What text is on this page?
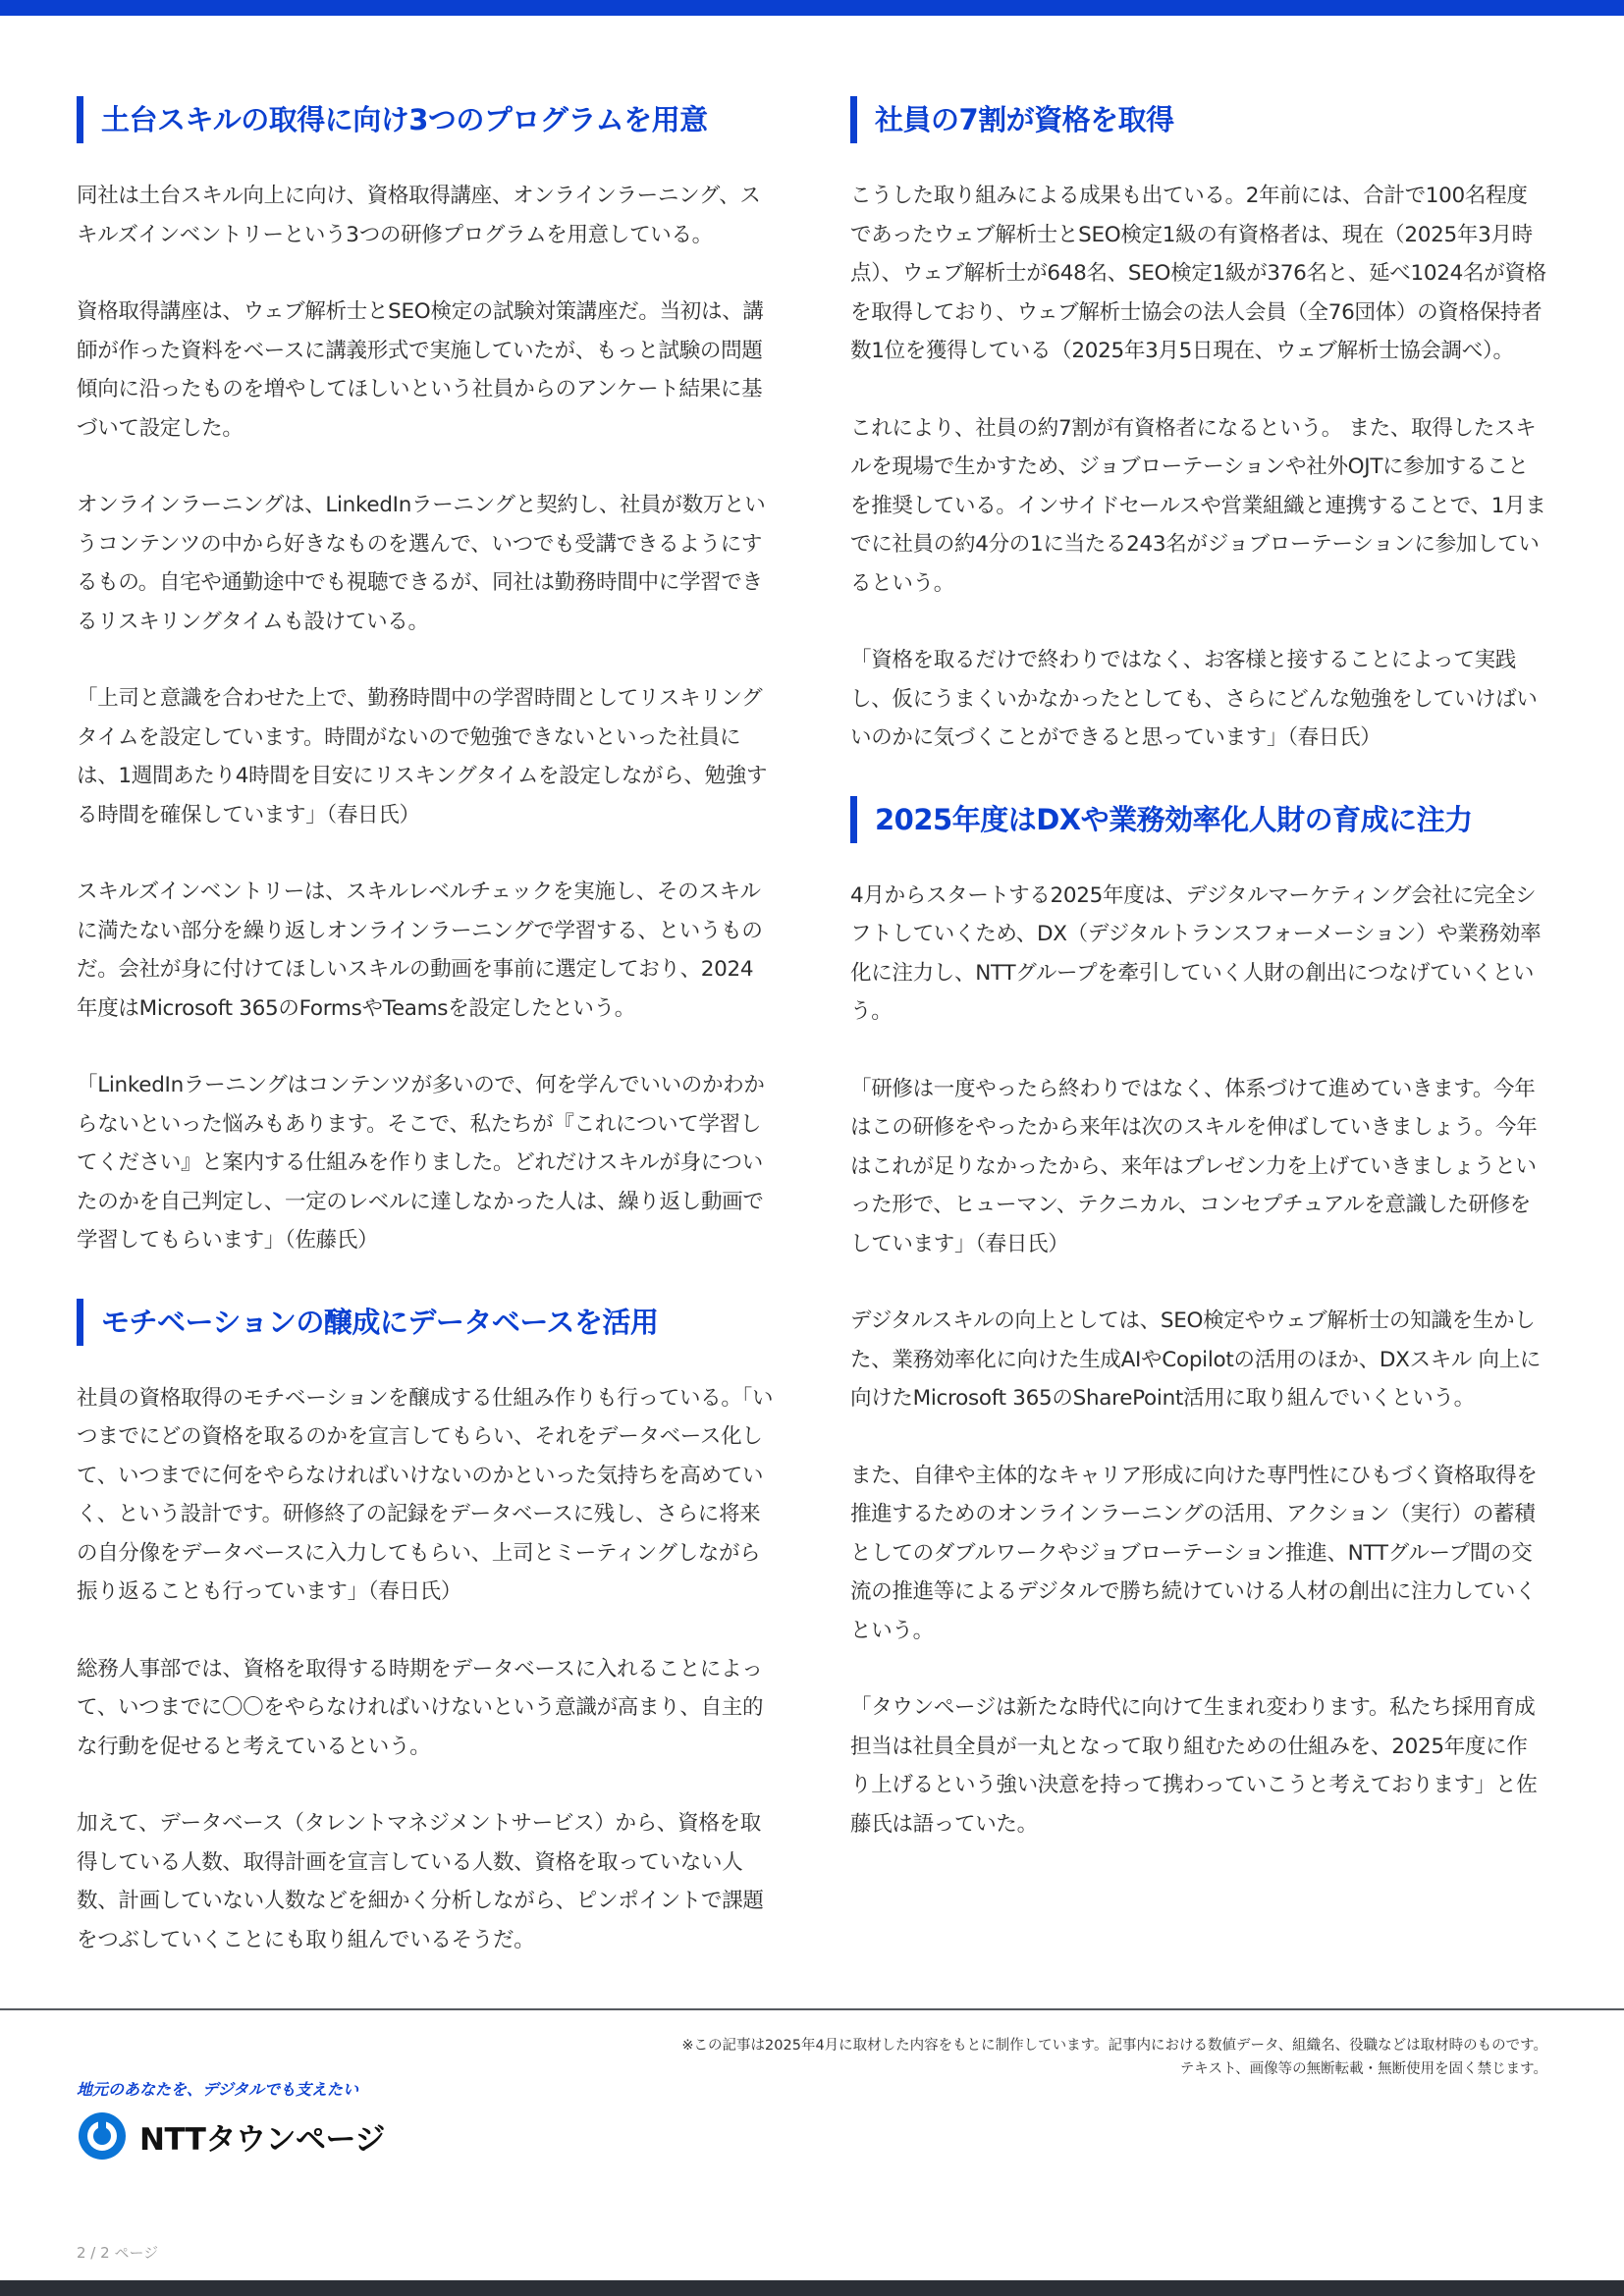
土台スキルの取得に向け3つのプログラムを用意

同社は土台スキル向上に向け、資格取得講座、オンラインラーニング、スキルズインベントリーという3つの研修プログラムを用意している。

資格取得講座は、ウェブ解析士とSEO検定の試験対策講座だ。当初は、講師が作った資料をベースに講義形式で実施していたが、もっと試験の問題傾向に沿ったものを増やしてほしいという社員からのアンケート結果に基づいて設定した。

オンラインラーニングは、LinkedInラーニングと契約し、社員が数万というコンテンツの中から好きなものを選んで、いつでも受講できるようにするもの。自宅や通勤途中でも視聴できるが、同社は勤務時間中に学習できるリスキリングタイムも設けている。

「上司と意識を合わせた上で、勤務時間中の学習時間としてリスキリングタイムを設定しています。時間がないので勉強できないといった社員には、1週間あたり4時間を目安にリスキングタイムを設定しながら、勉強する時間を確保しています」（春日氏）

スキルズインベントリーは、スキルレベルチェックを実施し、そのスキルに満たない部分を繰り返しオンラインラーニングで学習する、というものだ。会社が身に付けてほしいスキルの動画を事前に選定しており、2024年度はMicrosoft 365のFormsやTeamsを設定したという。

「LinkedInラーニングはコンテンツが多いので、何を学んでいいのかわからないといった悩みもあります。そこで、私たちが『これについて学習してください』と案内する仕組みを作りました。どれだけスキルが身についたのかを自己判定し、一定のレベルに達しなかった人は、繰り返し動画で学習してもらいます」（佐藤氏）

モチベーションの醸成にデータベースを活用

社員の資格取得のモチベーションを醸成する仕組み作りも行っている。「いつまでにどの資格を取るのかを宣言してもらい、それをデータベース化して、いつまでに何をやらなければいけないのかといった気持ちを高めていく、という設計です。研修終了の記録をデータベースに残し、さらに将来の自分像をデータベースに入力してもらい、上司とミーティングしながら振り返ることも行っています」（春日氏）

総務人事部では、資格を取得する時期をデータベースに入れることによって、いつまでに〇〇をやらなければいけないという意識が高まり、自主的な行動を促せると考えているという。

加えて、データベース（タレントマネジメントサービス）から、資格を取得している人数、取得計画を宣言している人数、資格を取っていない人数、計画していない人数などを細かく分析しながら、ピンポイントで課題をつぶしていくことにも取り組んでいるそうだ。

社員の7割が資格を取得

こうした取り組みによる成果も出ている。2年前には、合計で100名程度であったウェブ解析士とSEO検定1級の有資格者は、現在（2025年3月時点）、ウェブ解析士が648名、SEO検定1級が376名と、延べ1024名が資格を取得しており、ウェブ解析士協会の法人会員（全76団体）の資格保持者数1位を獲得している（2025年3月5日現在、ウェブ解析士協会調べ）。

これにより、社員の約7割が有資格者になるという。 また、取得したスキルを現場で生かすため、ジョブローテーションや社外OJTに参加することを推奨している。インサイドセールスや営業組織と連携することで、1月までに社員の約4分の1に当たる243名がジョブローテーションに参加しているという。

「資格を取るだけで終わりではなく、お客様と接することによって実践し、仮にうまくいかなかったとしても、さらにどんな勉強をしていけばいいのかに気づくことができると思っています」（春日氏）

2025年度はDXや業務効率化人財の育成に注力

4月からスタートする2025年度は、デジタルマーケティング会社に完全シフトしていくため、DX（デジタルトランスフォーメーション）や業務効率化に注力し、NTTグループを牽引していく人財の創出につなげていくという。

「研修は一度やったら終わりではなく、体系づけて進めていきます。今年はこの研修をやったから来年は次のスキルを伸ばしていきましょう。今年はこれが足りなかったから、来年はプレゼン力を上げていきましょうといった形で、ヒューマン、テクニカル、コンセプチュアルを意識した研修をしています」（春日氏）

デジタルスキルの向上としては、SEO検定やウェブ解析士の知識を生かした、業務効率化に向けた生成AIやCopilotの活用のほか、DXスキル 向上に向けたMicrosoft 365のSharePoint活用に取り組んでいくという。

また、自律や主体的なキャリア形成に向けた専門性にひもづく資格取得を推進するためのオンラインラーニングの活用、アクション（実行）の蓄積としてのダブルワークやジョブローテーション推進、NTTグループ間の交流の推進等によるデジタルで勝ち続けていける人材の創出に注力していくという。

「タウンページは新たな時代に向けて生まれ変わります。私たち採用育成担当は社員全員が一丸となって取り組むための仕組みを、2025年度に作り上げるという強い決意を持って携わっていこうと考えております」と佐藤氏は語っていた。

※この記事は2025年4月に取材した内容をもとに制作しています。記事内における数値データ、組織名、役職などは取材時のものです。
テキスト、画像等の無断転載・無断使用を固く禁じます。
地元のあなたを、デジタルでも支えたい
NTTタウンページ
2 / 2 ページ
